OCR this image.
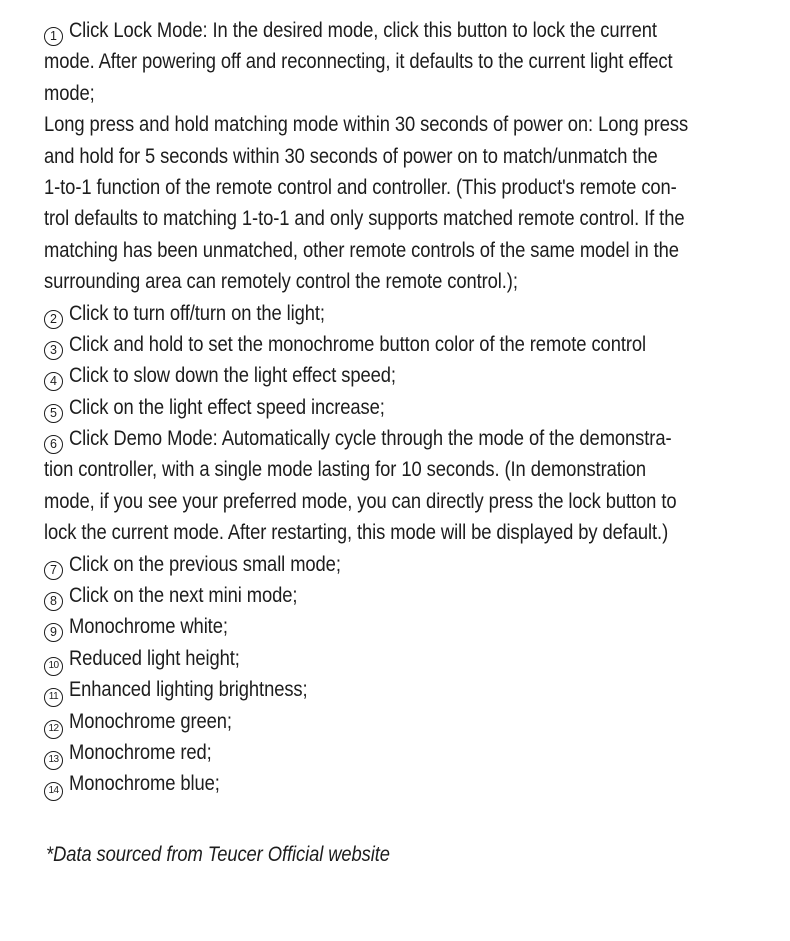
1 Click Lock Mode: In the desired mode, click this button to lock the current
mode. After powering off and reconnecting, it defaults to the current light effect
mode;
Long press and hold matching mode within 30 seconds of power on: Long press
and hold for 5 seconds within 30 seconds of power on to match/unmatch the
1-to-1 function of the remote control and controller. (This product's remote con-
trol defaults to matching 1-to-1 and only supports matched remote control. If the
matching has been unmatched, other remote controls of the same model in the
surrounding area can remotely control the remote control.);
2 Click to turn off/turn on the light;
3 Click and hold to set the monochrome button color of the remote control
4 Click to slow down the light effect speed;
5 Click on the light effect speed increase;
6 Click Demo Mode: Automatically cycle through the mode of the demonstra-
tion controller, with a single mode lasting for 10 seconds. (In demonstration
mode, if you see your preferred mode, you can directly press the lock button to
lock the current mode. After restarting, this mode will be displayed by default.)
7 Click on the previous small mode;
8 Click on the next mini mode;
9 Monochrome white;
10 Reduced light height;
11 Enhanced lighting brightness;
12 Monochrome green;
13 Monochrome red;
14 Monochrome blue;
*Data sourced from Teucer Official website
